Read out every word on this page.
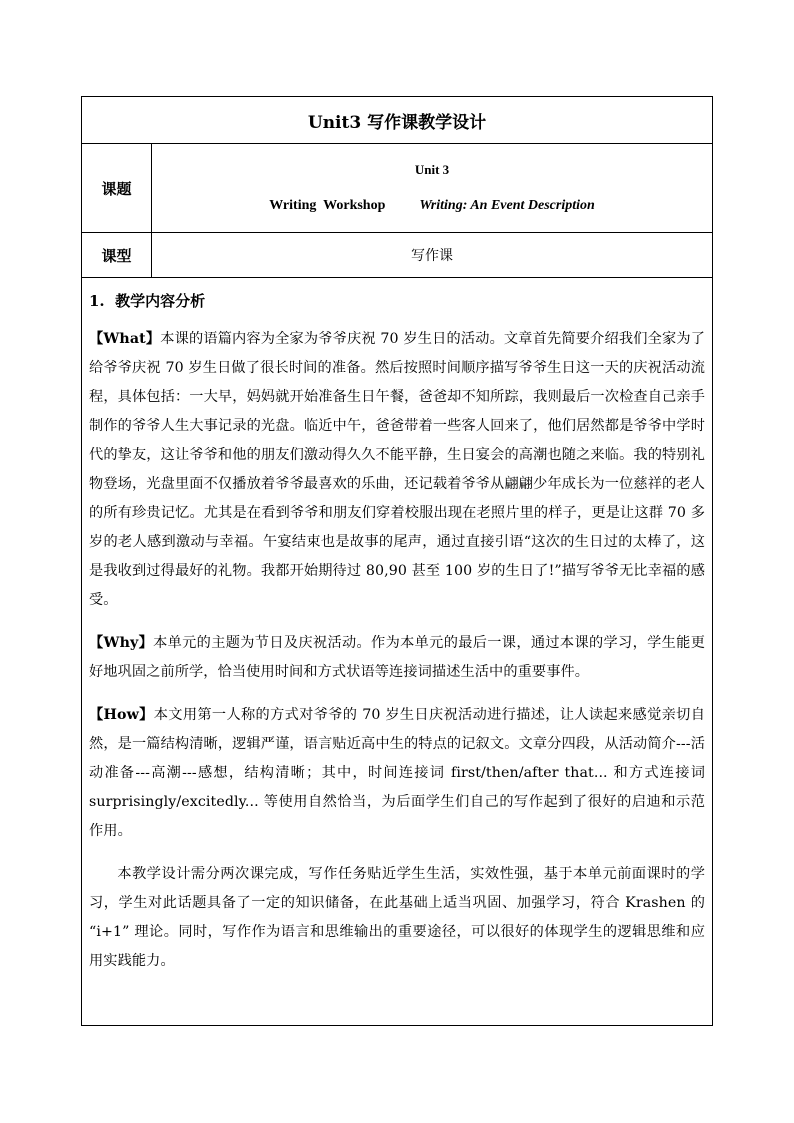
Unit3 写作课教学设计
课题
Unit 3
Writing  Workshop Writing: An Event Description
课型	写作课
1.  教学内容分析

【What】本课的语篇内容为全家为爷爷庆祝 70 岁生日的活动。文章首先简要介绍我们全家为了给爷爷庆祝 70 岁生日做了很长时间的准备。然后按照时间顺序描写爷爷生日这一天的庆祝活动流程，具体包括：一大早，妈妈就开始准备生日午餐，爸爸却不知所踪，我则最后一次检查自己亲手制作的爷爷人生大事记录的光盘。临近中午，爸爸带着一些客人回来了，他们居然都是爷爷中学时代的挚友，这让爷爷和他的朋友们激动得久久不能平静，生日宴会的高潮也随之来临。我的特别礼物登场，光盘里面不仅播放着爷爷最喜欢的乐曲，还记载着爷爷从翩翩少年成长为一位慈祥的老人的所有珍贵记忆。尤其是在看到爷爷和朋友们穿着校服出现在老照片里的样子，更是让这群 70 多岁的老人感到激动与幸福。午宴结束也是故事的尾声，通过直接引语“这次的生日过的太棒了，这是我收到过得最好的礼物。我都开始期待过 80,90 甚至 100 岁的生日了!”描写爷爷无比幸福的感受。

【Why】本单元的主题为节日及庆祝活动。作为本单元的最后一课，通过本课的学习，学生能更好地巩固之前所学，恰当使用时间和方式状语等连接词描述生活中的重要事件。

【How】本文用第一人称的方式对爷爷的 70 岁生日庆祝活动进行描述，让人读起来感觉亲切自然，是一篇结构清晰，逻辑严谨，语言贴近高中生的特点的记叙文。文章分四段，从活动简介---活动准备---高潮---感想，结构清晰；其中，时间连接词 first/then/after that... 和方式连接词 surprisingly/excitedly... 等使用自然恰当，为后面学生们自己的写作起到了很好的启迪和示范作用。

本教学设计需分两次课完成，写作任务贴近学生生活，实效性强，基于本单元前面课时的学习，学生对此话题具备了一定的知识储备，在此基础上适当巩固、加强学习，符合 Krashen 的 “i+1” 理论。同时，写作作为语言和思维输出的重要途径，可以很好的体现学生的逻辑思维和应用实践能力。
